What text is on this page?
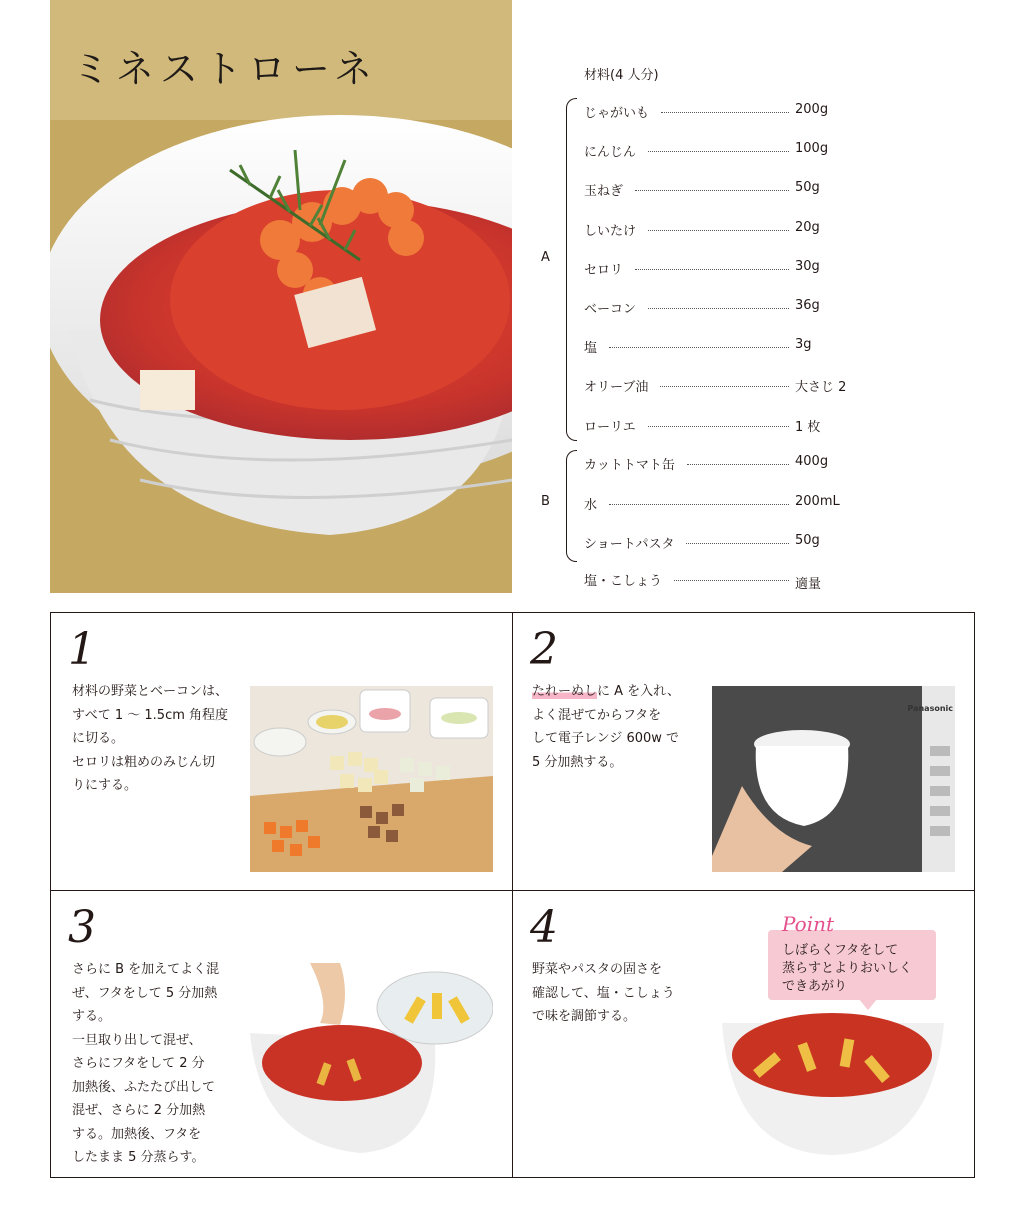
ミネストローネ	材料(4 人分)
A
B
じゃがいも	200g
にんじん	100g
玉ねぎ	50g
しいたけ	20g
セロリ	30g
ベーコン	36g
塩	3g
オリーブ油	大さじ 2
ローリエ	1 枚
カットトマト缶	400g
水	200mL
ショートパスタ	50g
塩・こしょう	適量
1
材料の野菜とベーコンは、
すべて 1 〜 1.5cm 角程度
に切る。
セロリは粗めのみじん切
りにする。
2
たれーぬしに A を入れ、
よく混ぜてからフタを
して電子レンジ 600w で
5 分加熱する。
Panasonic
3
さらに B を加えてよく混
ぜ、フタをして 5 分加熱
する。
一旦取り出して混ぜ、
さらにフタをして 2 分
加熱後、ふたたび出して
混ぜ、さらに 2 分加熱
する。加熱後、フタを
したまま 5 分蒸らす。
4
野菜やパスタの固さを
確認して、塩・こしょう
で味を調節する。
Point
しばらくフタをして
蒸らすとよりおいしく
できあがり
